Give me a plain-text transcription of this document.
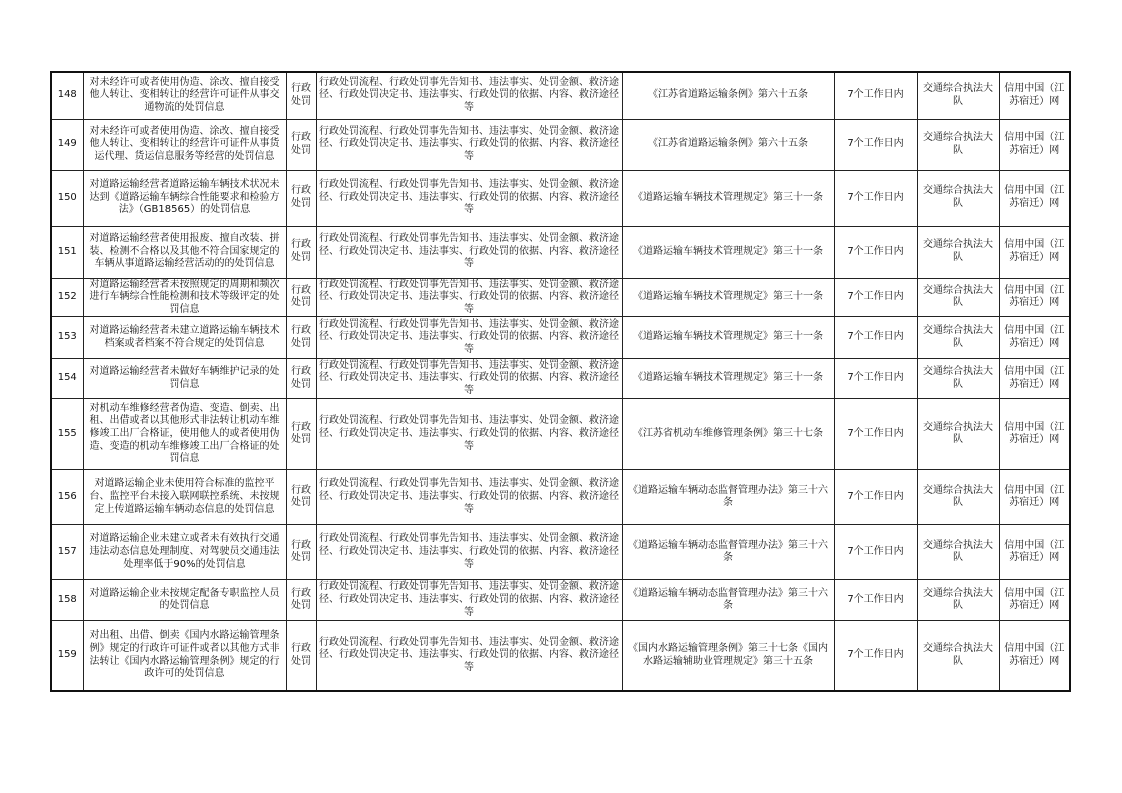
148	对未经许可或者使用伪造、涂改、擅自接受他人转让、变相转让的经营许可证件从事交通物流的处罚信息	行政处罚	行政处罚流程、行政处罚事先告知书、违法事实、处罚金额、救济途径、行政处罚决定书、违法事实、行政处罚的依据、内容、救济途径等	《江苏省道路运输条例》第六十五条	7个工作日内	交通综合执法大队	信用中国（江苏宿迁）网
149	对未经许可或者使用伪造、涂改、擅自接受他人转让、变相转让的经营许可证件从事货运代理、货运信息服务等经营的处罚信息	行政处罚	行政处罚流程、行政处罚事先告知书、违法事实、处罚金额、救济途径、行政处罚决定书、违法事实、行政处罚的依据、内容、救济途径等	《江苏省道路运输条例》第六十五条	7个工作日内	交通综合执法大队	信用中国（江苏宿迁）网
150	对道路运输经营者道路运输车辆技术状况未达到《道路运输车辆综合性能要求和检验方法》（GB18565）的处罚信息	行政处罚	行政处罚流程、行政处罚事先告知书、违法事实、处罚金额、救济途径、行政处罚决定书、违法事实、行政处罚的依据、内容、救济途径等	《道路运输车辆技术管理规定》第三十一条	7个工作日内	交通综合执法大队	信用中国（江苏宿迁）网
151	对道路运输经营者使用报废、擅自改装、拼装、检测不合格以及其他不符合国家规定的车辆从事道路运输经营活动的的处罚信息	行政处罚	行政处罚流程、行政处罚事先告知书、违法事实、处罚金额、救济途径、行政处罚决定书、违法事实、行政处罚的依据、内容、救济途径等	《道路运输车辆技术管理规定》第三十一条	7个工作日内	交通综合执法大队	信用中国（江苏宿迁）网
152	对道路运输经营者未按照规定的周期和频次进行车辆综合性能检测和技术等级评定的处罚信息	行政处罚	行政处罚流程、行政处罚事先告知书、违法事实、处罚金额、救济途径、行政处罚决定书、违法事实、行政处罚的依据、内容、救济途径等	《道路运输车辆技术管理规定》第三十一条	7个工作日内	交通综合执法大队	信用中国（江苏宿迁）网
153	对道路运输经营者未建立道路运输车辆技术档案或者档案不符合规定的处罚信息	行政处罚	行政处罚流程、行政处罚事先告知书、违法事实、处罚金额、救济途径、行政处罚决定书、违法事实、行政处罚的依据、内容、救济途径等	《道路运输车辆技术管理规定》第三十一条	7个工作日内	交通综合执法大队	信用中国（江苏宿迁）网
154	对道路运输经营者未做好车辆维护记录的处罚信息	行政处罚	行政处罚流程、行政处罚事先告知书、违法事实、处罚金额、救济途径、行政处罚决定书、违法事实、行政处罚的依据、内容、救济途径等	《道路运输车辆技术管理规定》第三十一条	7个工作日内	交通综合执法大队	信用中国（江苏宿迁）网
155	对机动车维修经营者伪造、变造、倒卖、出租、出借或者以其他形式非法转让机动车维修竣工出厂合格证，使用他人的或者使用伪造、变造的机动车维修竣工出厂合格证的处罚信息	行政处罚	行政处罚流程、行政处罚事先告知书、违法事实、处罚金额、救济途径、行政处罚决定书、违法事实、行政处罚的依据、内容、救济途径等	《江苏省机动车维修管理条例》第三十七条	7个工作日内	交通综合执法大队	信用中国（江苏宿迁）网
156	对道路运输企业未使用符合标准的监控平台、监控平台未接入联网联控系统、未按规定上传道路运输车辆动态信息的处罚信息	行政处罚	行政处罚流程、行政处罚事先告知书、违法事实、处罚金额、救济途径、行政处罚决定书、违法事实、行政处罚的依据、内容、救济途径等	《道路运输车辆动态监督管理办法》第三十六条	7个工作日内	交通综合执法大队	信用中国（江苏宿迁）网
157	对道路运输企业未建立或者未有效执行交通违法动态信息处理制度、对驾驶员交通违法处理率低于90%的处罚信息	行政处罚	行政处罚流程、行政处罚事先告知书、违法事实、处罚金额、救济途径、行政处罚决定书、违法事实、行政处罚的依据、内容、救济途径等	《道路运输车辆动态监督管理办法》第三十六条	7个工作日内	交通综合执法大队	信用中国（江苏宿迁）网
158	对道路运输企业未按规定配备专职监控人员的处罚信息	行政处罚	行政处罚流程、行政处罚事先告知书、违法事实、处罚金额、救济途径、行政处罚决定书、违法事实、行政处罚的依据、内容、救济途径等	《道路运输车辆动态监督管理办法》第三十六条	7个工作日内	交通综合执法大队	信用中国（江苏宿迁）网
159	对出租、出借、倒卖《国内水路运输管理条例》规定的行政许可证件或者以其他方式非法转让《国内水路运输管理条例》规定的行政许可的处罚信息	行政处罚	行政处罚流程、行政处罚事先告知书、违法事实、处罚金额、救济途径、行政处罚决定书、违法事实、行政处罚的依据、内容、救济途径等	《国内水路运输管理条例》第三十七条《国内水路运输辅助业管理规定》第三十五条	7个工作日内	交通综合执法大队	信用中国（江苏宿迁）网
